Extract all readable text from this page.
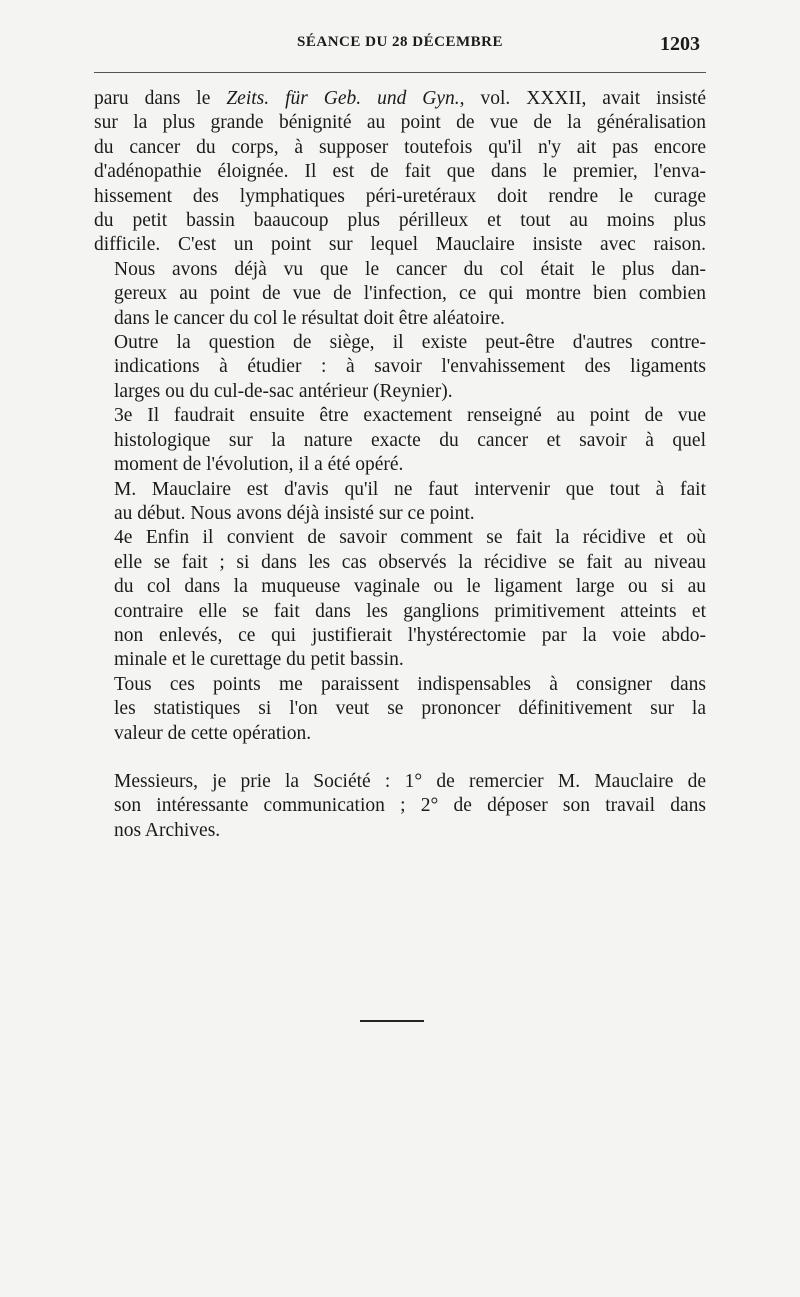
SÉANCE DU 28 DÉCEMBRE	1203
paru dans le Zeits. für Geb. und Gyn., vol. XXXII, avait insisté
sur la plus grande bénignité au point de vue de la généralisation
du cancer du corps, à supposer toutefois qu'il n'y ait pas encore
d'adénopathie éloignée. Il est de fait que dans le premier, l'enva-
hissement des lymphatiques péri-uretéraux doit rendre le curage
du petit bassin baaucoup plus périlleux et tout au moins plus
difficile. C'est un point sur lequel Mauclaire insiste avec raison.
Nous avons déjà vu que le cancer du col était le plus dan-
gereux au point de vue de l'infection, ce qui montre bien combien
dans le cancer du col le résultat doit être aléatoire.
Outre la question de siège, il existe peut-être d'autres contre-
indications à étudier : à savoir l'envahissement des ligaments
larges ou du cul-de-sac antérieur (Reynier).
3e Il faudrait ensuite être exactement renseigné au point de vue
histologique sur la nature exacte du cancer et savoir à quel
moment de l'évolution, il a été opéré.
M. Mauclaire est d'avis qu'il ne faut intervenir que tout à fait
au début. Nous avons déjà insisté sur ce point.
4e Enfin il convient de savoir comment se fait la récidive et où
elle se fait ; si dans les cas observés la récidive se fait au niveau
du col dans la muqueuse vaginale ou le ligament large ou si au
contraire elle se fait dans les ganglions primitivement atteints et
non enlevés, ce qui justifierait l'hystérectomie par la voie abdo-
minale et le curettage du petit bassin.
Tous ces points me paraissent indispensables à consigner dans
les statistiques si l'on veut se prononcer définitivement sur la
valeur de cette opération.
Messieurs, je prie la Société : 1° de remercier M. Mauclaire de
son intéressante communication ; 2° de déposer son travail dans
nos Archives.
